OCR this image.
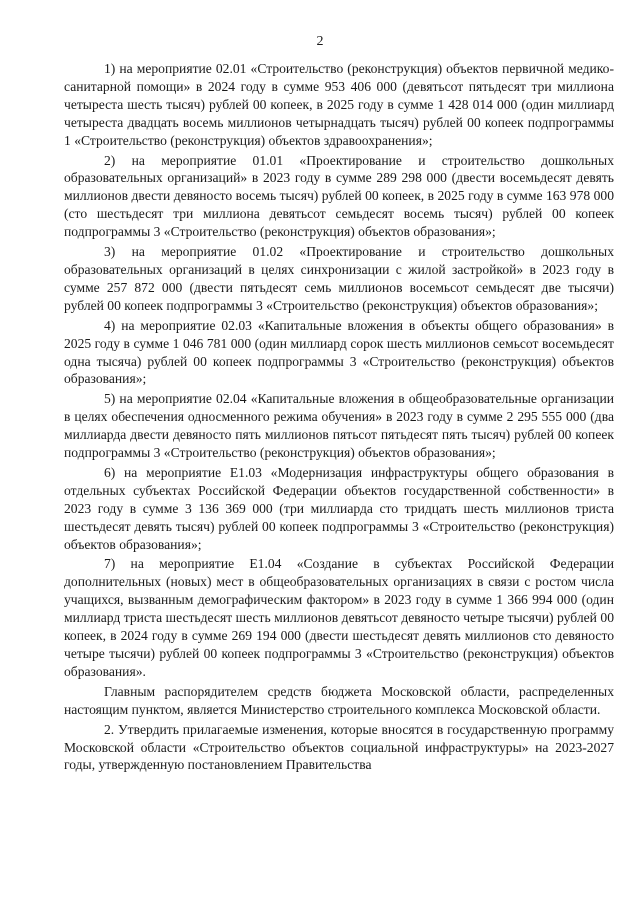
2

1) на мероприятие 02.01 «Строительство (реконструкция) объектов первичной медико-санитарной помощи» в 2024 году в сумме 953 406 000 (девятьсот пятьдесят три миллиона четыреста шесть тысяч) рублей 00 копеек, в 2025 году в сумме 1 428 014 000 (один миллиард четыреста двадцать восемь миллионов четырнадцать тысяч) рублей 00 копеек подпрограммы 1 «Строительство (реконструкция) объектов здравоохранения»;

2) на мероприятие 01.01 «Проектирование и строительство дошкольных образовательных организаций» в 2023 году в сумме 289 298 000 (двести восемьдесят девять миллионов двести девяносто восемь тысяч) рублей 00 копеек, в 2025 году в сумме 163 978 000 (сто шестьдесят три миллиона девятьсот семьдесят восемь тысяч) рублей 00 копеек подпрограммы 3 «Строительство (реконструкция) объектов образования»;

3) на мероприятие 01.02 «Проектирование и строительство дошкольных образовательных организаций в целях синхронизации с жилой застройкой» в 2023 году в сумме 257 872 000 (двести пятьдесят семь миллионов восемьсот семьдесят две тысячи) рублей 00 копеек подпрограммы 3 «Строительство (реконструкция) объектов образования»;

4) на мероприятие 02.03 «Капитальные вложения в объекты общего образования» в 2025 году в сумме 1 046 781 000 (один миллиард сорок шесть миллионов семьсот восемьдесят одна тысяча) рублей 00 копеек подпрограммы 3 «Строительство (реконструкция) объектов образования»;

5) на мероприятие 02.04 «Капитальные вложения в общеобразовательные организации в целях обеспечения односменного режима обучения» в 2023 году в сумме 2 295 555 000 (два миллиарда двести девяносто пять миллионов пятьсот пятьдесят пять тысяч) рублей 00 копеек подпрограммы 3 «Строительство (реконструкция) объектов образования»;

6) на мероприятие Е1.03 «Модернизация инфраструктуры общего образования в отдельных субъектах Российской Федерации объектов государственной собственности» в 2023 году в сумме 3 136 369 000 (три миллиарда сто тридцать шесть миллионов триста шестьдесят девять тысяч) рублей 00 копеек подпрограммы 3 «Строительство (реконструкция) объектов образования»;

7) на мероприятие Е1.04 «Создание в субъектах Российской Федерации дополнительных (новых) мест в общеобразовательных организациях в связи с ростом числа учащихся, вызванным демографическим фактором» в 2023 году в сумме 1 366 994 000 (один миллиард триста шестьдесят шесть миллионов девятьсот девяносто четыре тысячи) рублей 00 копеек, в 2024 году в сумме 269 194 000 (двести шестьдесят девять миллионов сто девяносто четыре тысячи) рублей 00 копеек подпрограммы 3 «Строительство (реконструкция) объектов образования».

Главным распорядителем средств бюджета Московской области, распределенных настоящим пунктом, является Министерство строительного комплекса Московской области.

2. Утвердить прилагаемые изменения, которые вносятся в государственную программу Московской области «Строительство объектов социальной инфраструктуры» на 2023-2027 годы, утвержденную постановлением Правительства
